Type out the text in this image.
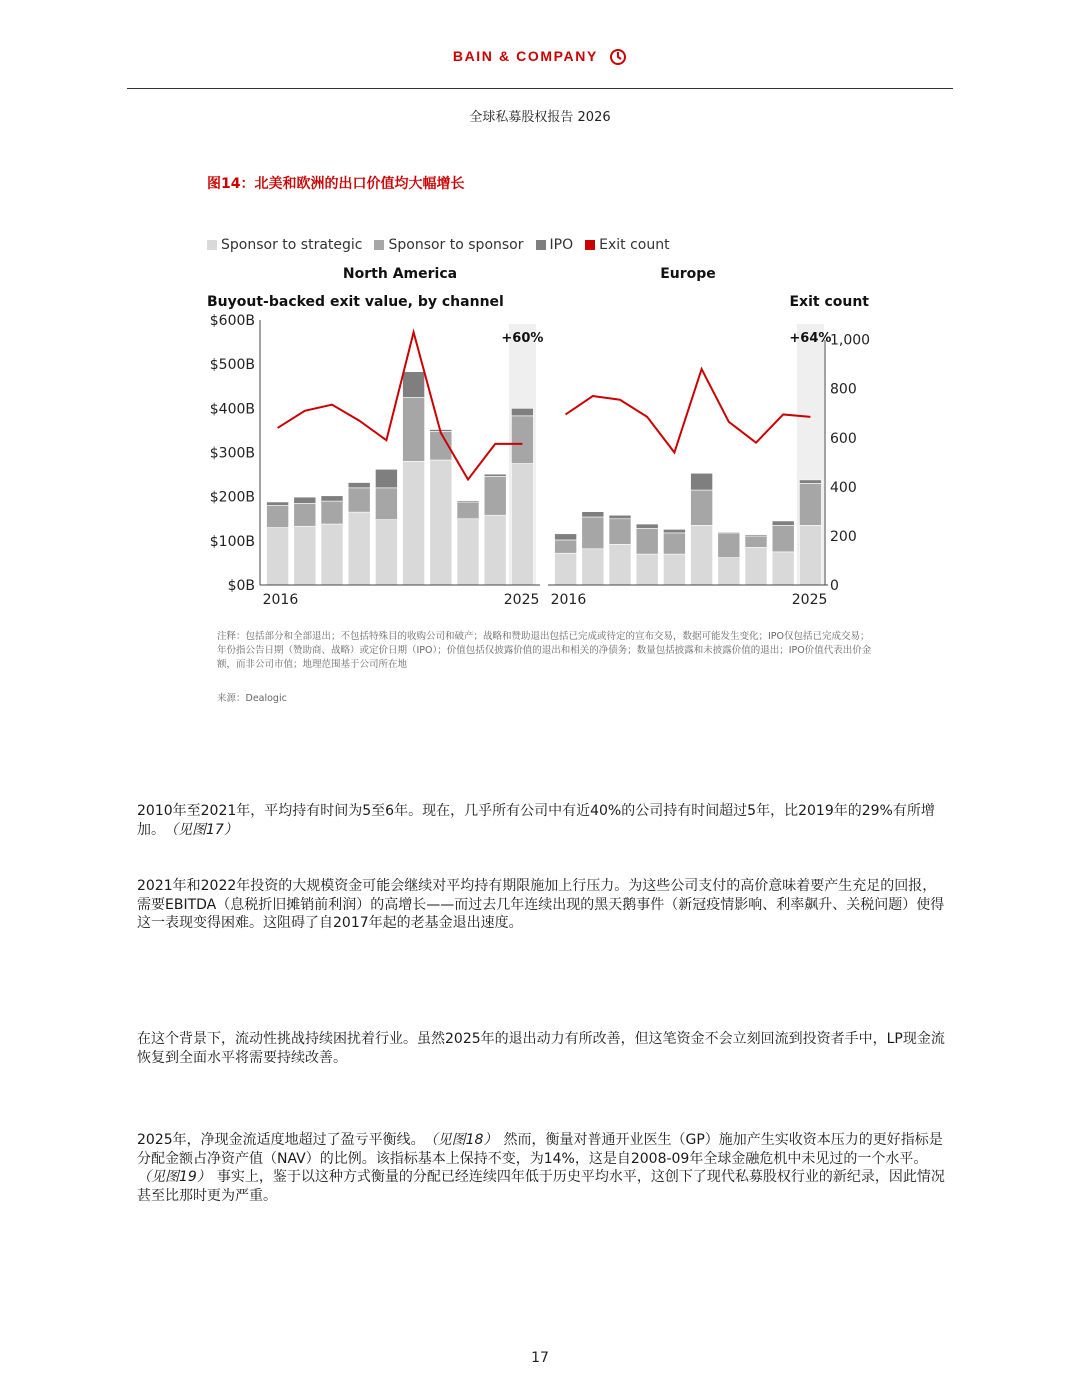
BAIN & COMPANY
全球私募股权报告 2026
图14：北美和欧洲的出口价值均大幅增长
Sponsor to strategic Sponsor to sponsor IPO Exit count
$600B
$500B
$400B
$300B
$200B
$100B
$0B
Buyout-backed exit value, by channel
1,000
800
600
400
200
0
Exit count
+60%
North America
2016	2025
+64%
Europe
2016	2025
注释：包括部分和全部退出；不包括特殊目的收购公司和破产；战略和赞助退出包括已完成或待定的宣布交易，数据可能发生变化；IPO仅包括已完成交易；年份指公告日期（赞助商、战略）或定价日期（IPO）；价值包括仅披露价值的退出和相关的净债务；数量包括披露和未披露价值的退出；IPO价值代表出价金额，而非公司市值；地理范围基于公司所在地
来源：Dealogic
2010年至2021年，平均持有时间为5至6年。现在，几乎所有公司中有近40%的公司持有时间超过5年，比2019年的29%有所增加。 （见图17）
2021年和2022年投资的大规模资金可能会继续对平均持有期限施加上行压力。为这些公司支付的高价意味着要产生充足的回报，需要EBITDA（息税折旧摊销前利润）的高增长——而过去几年连续出现的黑天鹅事件（新冠疫情影响、利率飙升、关税问题）使得这一表现变得困难。这阻碍了自2017年起的老基金退出速度。
在这个背景下，流动性挑战持续困扰着行业。虽然2025年的退出动力有所改善，但这笔资金不会立刻回流到投资者手中，LP现金流恢复到全面水平将需要持续改善。
2025年，净现金流适度地超过了盈亏平衡线。 （见图18） 然而，衡量对普通开业医生（GP）施加产生实收资本压力的更好指标是分配金额占净资产值（NAV）的比例。该指标基本上保持不变，为14%，这是自2008-09年全球金融危机中未见过的一个水平。
（见图19） 事实上，鉴于以这种方式衡量的分配已经连续四年低于历史平均水平，这创下了现代私募股权行业的新纪录，因此情况甚至比那时更为严重。
17
